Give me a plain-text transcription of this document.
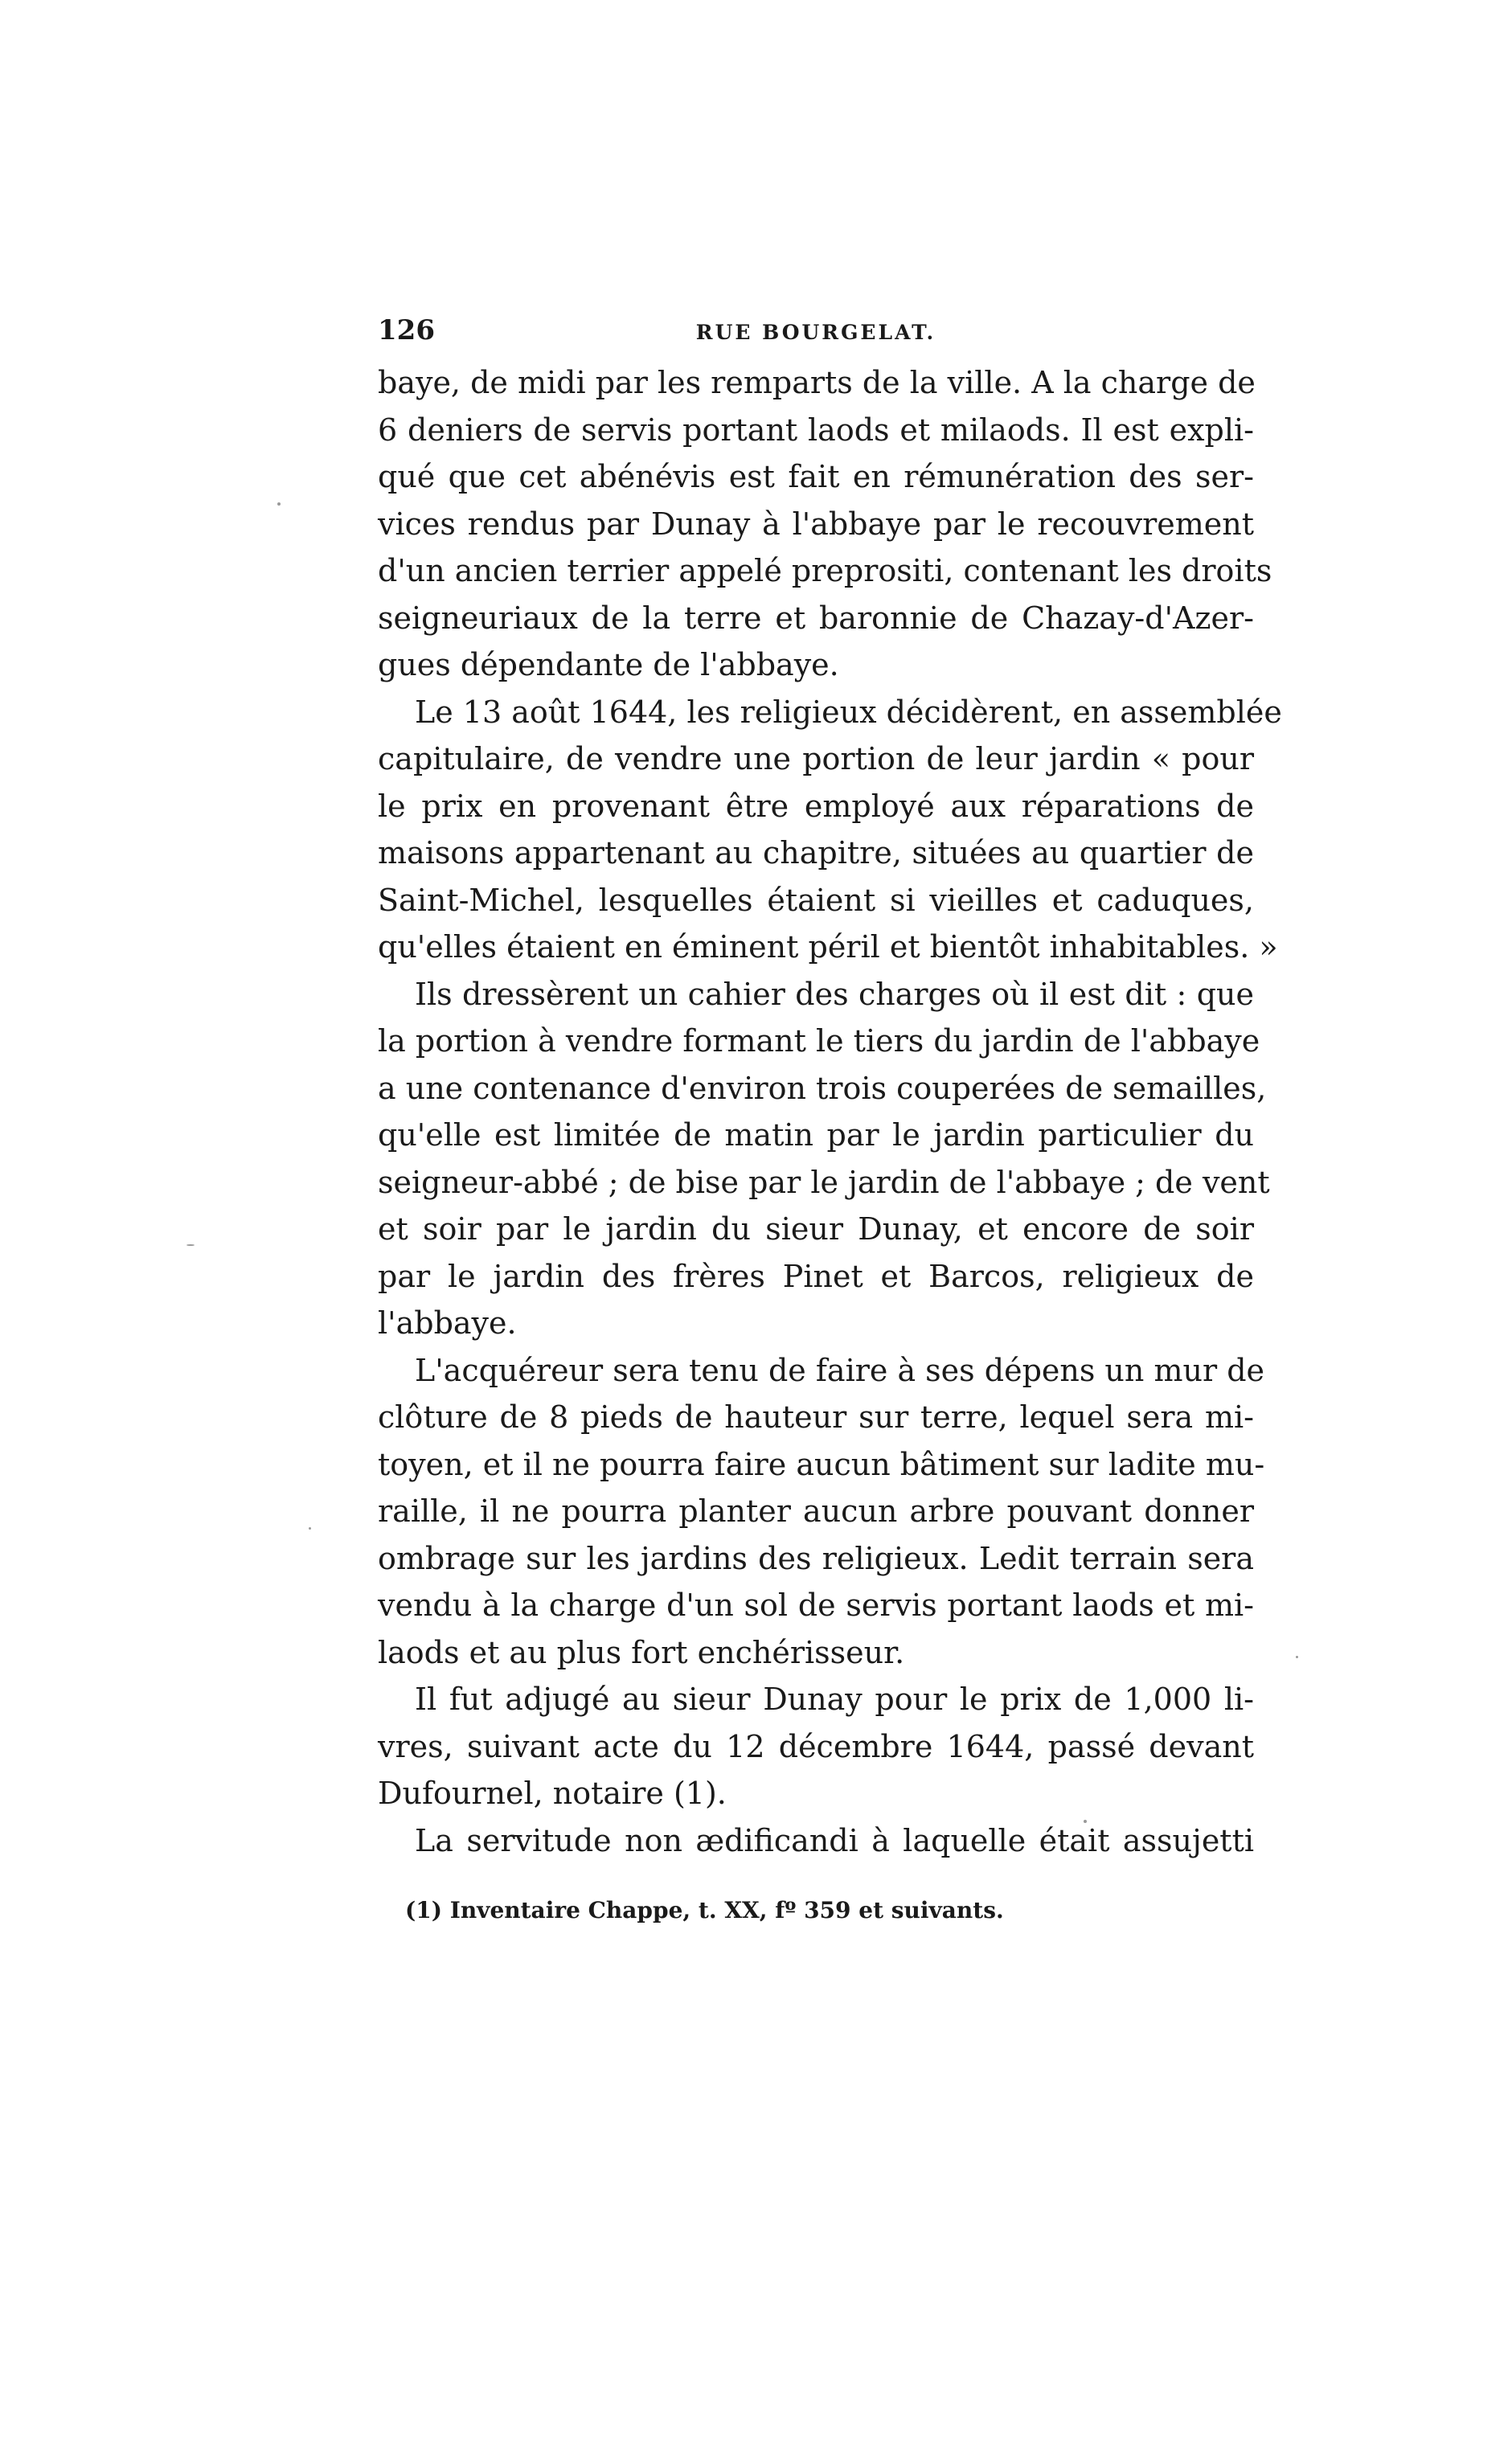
126	RUE BOURGELAT.
baye, de midi par les remparts de la ville. A la charge de
6 deniers de servis portant laods et milaods. Il est expli-
qué que cet abénévis est fait en rémunération des ser-
vices rendus par Dunay à l'abbaye par le recouvrement
d'un ancien terrier appelé preprositi, contenant les droits
seigneuriaux de la terre et baronnie de Chazay-d'Azer-
gues dépendante de l'abbaye.
Le 13 août 1644, les religieux décidèrent, en assemblée
capitulaire, de vendre une portion de leur jardin « pour
le prix en provenant être employé aux réparations de
maisons appartenant au chapitre, situées au quartier de
Saint-Michel, lesquelles étaient si vieilles et caduques,
qu'elles étaient en éminent péril et bientôt inhabitables. »
Ils dressèrent un cahier des charges où il est dit : que
la portion à vendre formant le tiers du jardin de l'abbaye
a une contenance d'environ trois couperées de semailles,
qu'elle est limitée de matin par le jardin particulier du
seigneur-abbé ; de bise par le jardin de l'abbaye ; de vent
et soir par le jardin du sieur Dunay, et encore de soir
par le jardin des frères Pinet et Barcos, religieux de
l'abbaye.
L'acquéreur sera tenu de faire à ses dépens un mur de
clôture de 8 pieds de hauteur sur terre, lequel sera mi-
toyen, et il ne pourra faire aucun bâtiment sur ladite mu-
raille, il ne pourra planter aucun arbre pouvant donner
ombrage sur les jardins des religieux. Ledit terrain sera
vendu à la charge d'un sol de servis portant laods et mi-
laods et au plus fort enchérisseur.
Il fut adjugé au sieur Dunay pour le prix de 1,000 li-
vres, suivant acte du 12 décembre 1644, passé devant
Dufournel, notaire (1).
La servitude non ædificandi à laquelle était assujetti
(1) Inventaire Chappe, t. XX, fº 359 et suivants.
